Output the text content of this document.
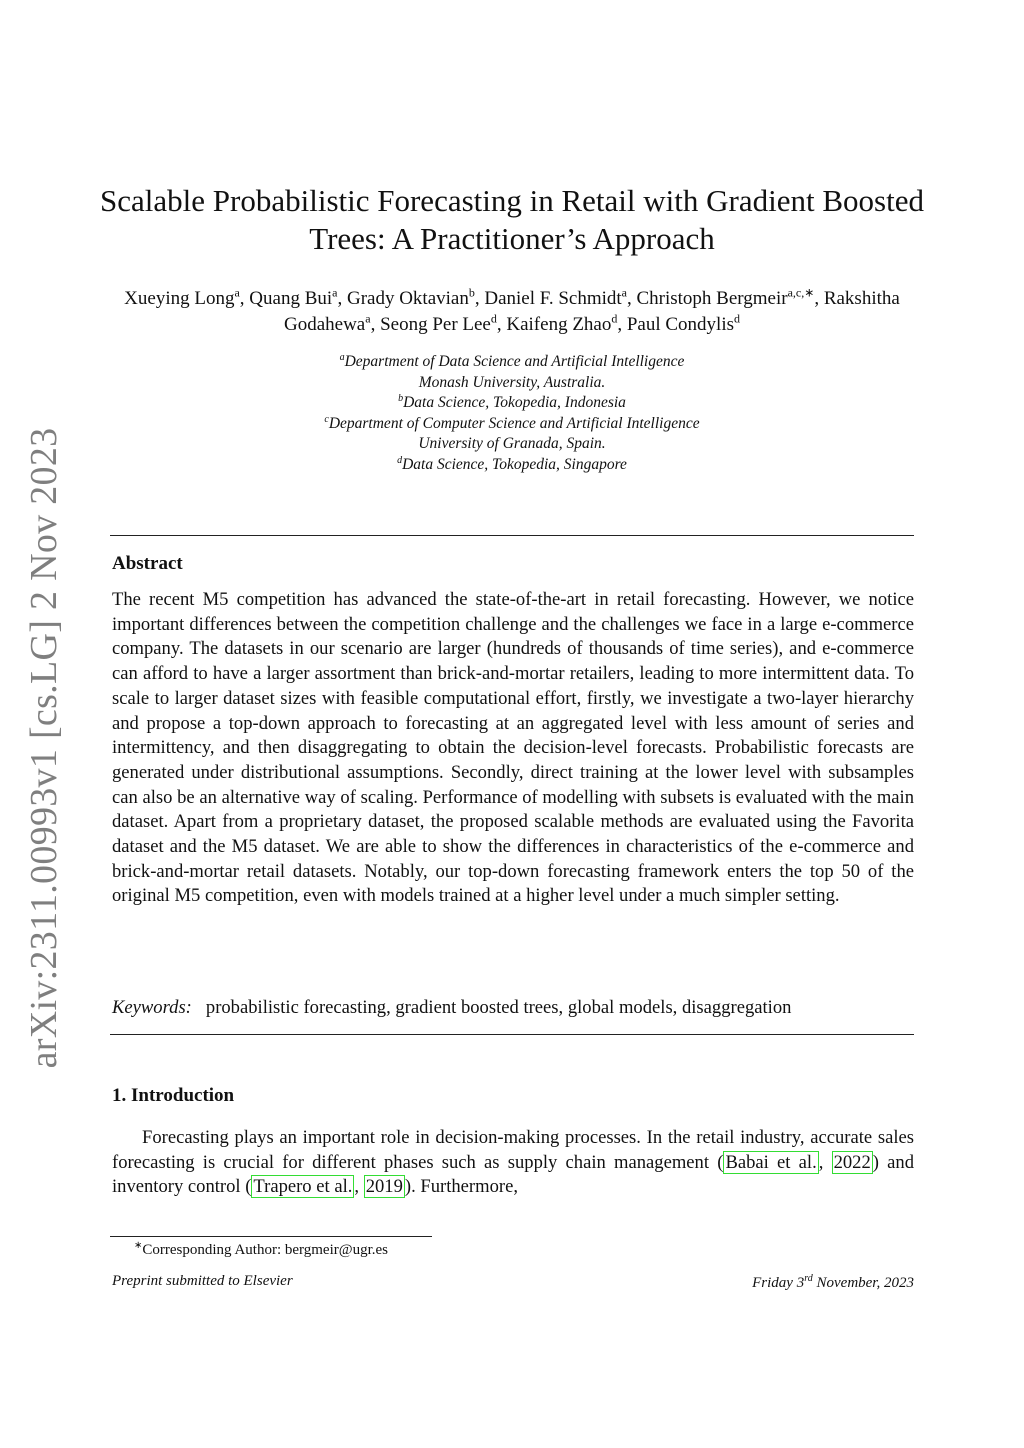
arXiv:2311.00993v1 [cs.LG] 2 Nov 2023
Scalable Probabilistic Forecasting in Retail with Gradient Boosted
Trees: A Practitioner’s Approach
Xueying Long$^a$, Quang Bui$^a$, Grady Oktavian$^b$, Daniel F. Schmidt$^a$, Christoph Bergmeir$^{a,c,∗}$, Rakshitha Godahewa$^a$, Seong Per Lee$^d$, Kaifeng Zhao$^d$, Paul Condylis$^d$
$^a$Department of Data Science and Artificial Intelligence
Monash University, Australia.
$^b$Data Science, Tokopedia, Indonesia
$^c$Department of Computer Science and Artificial Intelligence
University of Granada, Spain.
$^d$Data Science, Tokopedia, Singapore
Abstract

The recent M5 competition has advanced the state-of-the-art in retail forecasting. However, we notice important differences between the competition challenge and the challenges we face in a large e-commerce company. The datasets in our scenario are larger (hundreds of thousands of time series), and e-commerce can afford to have a larger assortment than brick-and-mortar retailers, leading to more intermittent data. To scale to larger dataset sizes with feasible computational effort, firstly, we investigate a two-layer hierarchy and propose a top-down approach to forecasting at an aggregated level with less amount of series and intermittency, and then disaggregating to obtain the decision-level forecasts. Probabilistic forecasts are generated under distributional assumptions. Secondly, direct training at the lower level with subsamples can also be an alternative way of scaling. Performance of modelling with subsets is evaluated with the main dataset. Apart from a proprietary dataset, the proposed scalable methods are evaluated using the Favorita dataset and the M5 dataset. We are able to show the differences in characteristics of the e-commerce and brick-and-mortar retail datasets. Notably, our top-down forecasting framework enters the top 50 of the original M5 competition, even with models trained at a higher level under a much simpler setting.

Keywords: probabilistic forecasting, gradient boosted trees, global models, disaggregation
1. Introduction

Forecasting plays an important role in decision-making processes. In the retail industry, accurate sales forecasting is crucial for different phases such as supply chain management ( Babai et al. , 2022 ) and inventory control ( Trapero et al. , 2019 ). Furthermore,

∗Corresponding Author: bergmeir@ugr.es
Preprint submitted to Elsevier	Friday 3rd November, 2023
